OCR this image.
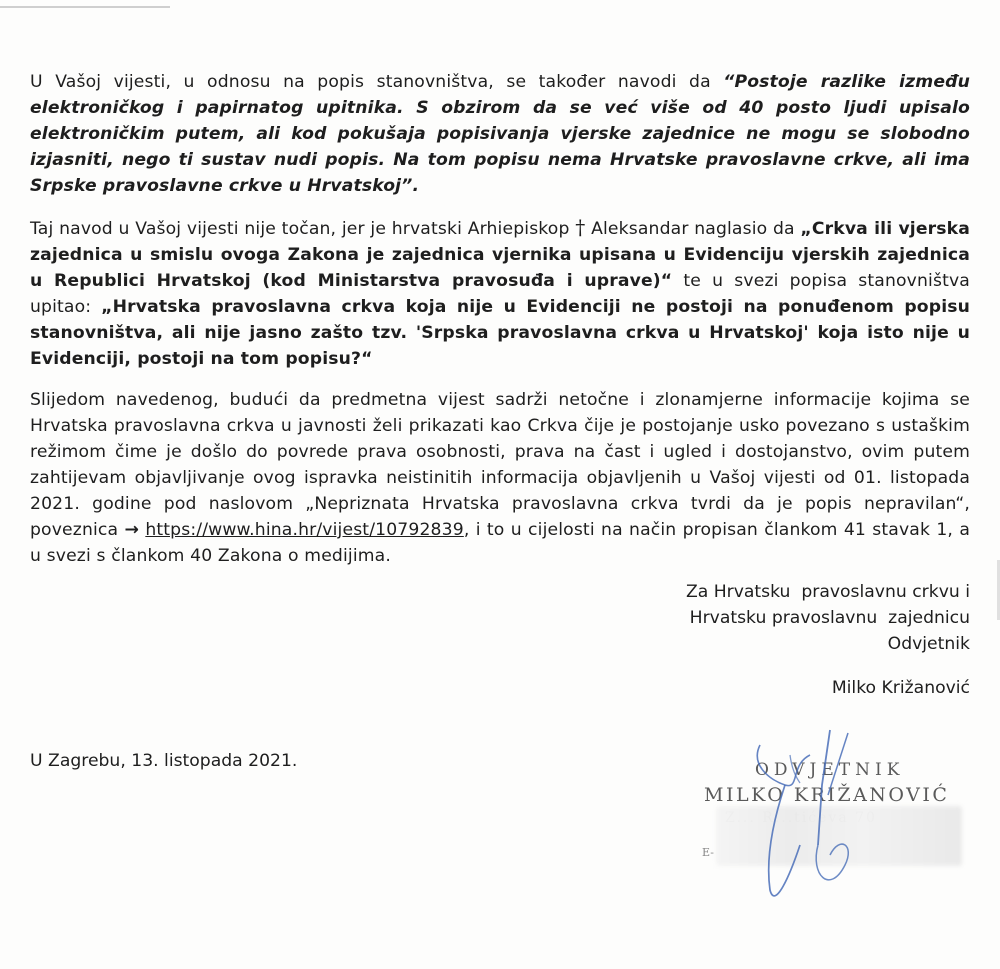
U Vašoj vijesti, u odnosu na popis stanovništva, se također navodi da “Postoje razlike između elektroničkog i papirnatog upitnika. S obzirom da se već više od 40 posto ljudi upisalo elektroničkim putem, ali kod pokušaja popisivanja vjerske zajednice ne mogu se slobodno izjasniti, nego ti sustav nudi popis. Na tom popisu nema Hrvatske pravoslavne crkve, ali ima Srpske pravoslavne crkve u Hrvatskoj”.

Taj navod u Vašoj vijesti nije točan, jer je hrvatski Arhiepiskop † Aleksandar naglasio da „Crkva ili vjerska zajednica u smislu ovoga Zakona je zajednica vjernika upisana u Evidenciju vjerskih zajednica u Republici Hrvatskoj (kod Ministarstva pravosuđa i uprave)“ te u svezi popisa stanovništva upitao: „Hrvatska pravoslavna crkva koja nije u Evidenciji ne postoji na ponuđenom popisu stanovništva, ali nije jasno zašto tzv. 'Srpska pravoslavna crkva u Hrvatskoj' koja isto nije u Evidenciji, postoji na tom popisu?“

Slijedom navedenog, budući da predmetna vijest sadrži netočne i zlonamjerne informacije kojima se Hrvatska pravoslavna crkva u javnosti želi prikazati kao Crkva čije je postojanje usko povezano s ustaškim režimom čime je došlo do povrede prava osobnosti, prava na čast i ugled i dostojanstvo, ovim putem zahtijevam objavljivanje ovog ispravka neistinitih informacija objavljenih u Vašoj vijesti od 01. listopada 2021. godine pod naslovom „Nepriznata Hrvatska pravoslavna crkva tvrdi da je popis nepravilan“, poveznica → https://www.hina.hr/vijest/10792839, i to u cijelosti na način propisan člankom 41 stavak 1, a u svezi s člankom 40 Zakona o medijima.

Za Hrvatsku  pravoslavnu crkvu i
Hrvatsku pravoslavnu  zajednicu
Odvjetnik
Milko Križanović
U Zagrebu, 13. listopada 2021.	ODVJETNIK
MILKO KRIŽANOVIĆ
E-
